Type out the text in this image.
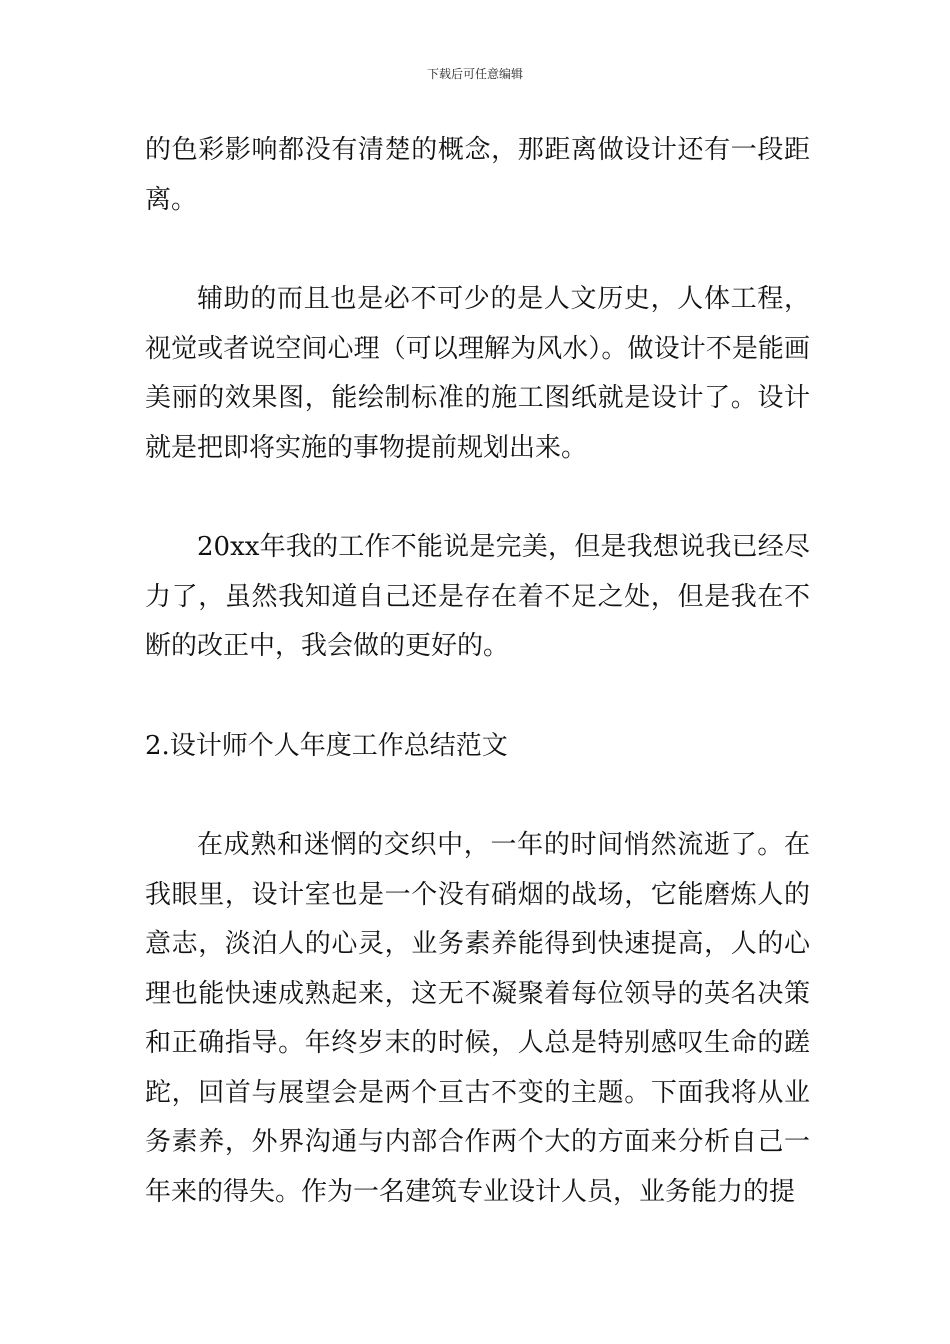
下载后可任意编辑

的色彩影响都没有清楚的概念，那距离做设计还有一段距离。

辅助的而且也是必不可少的是人文历史，人体工程，视觉或者说空间心理（可以理解为风水）。做设计不是能画美丽的效果图，能绘制标准的施工图纸就是设计了。设计就是把即将实施的事物提前规划出来。

20xx年我的工作不能说是完美，但是我想说我已经尽力了，虽然我知道自己还是存在着不足之处，但是我在不断的改正中，我会做的更好的。

2.设计师个人年度工作总结范文

在成熟和迷惘的交织中，一年的时间悄然流逝了。在我眼里，设计室也是一个没有硝烟的战场，它能磨炼人的意志，淡泊人的心灵，业务素养能得到快速提高，人的心理也能快速成熟起来，这无不凝聚着每位领导的英名决策和正确指导。年终岁末的时候，人总是特别感叹生命的蹉跎，回首与展望会是两个亘古不变的主题。下面我将从业务素养，外界沟通与内部合作两个大的方面来分析自己一年来的得失。作为一名建筑专业设计人员，业务能力的提
